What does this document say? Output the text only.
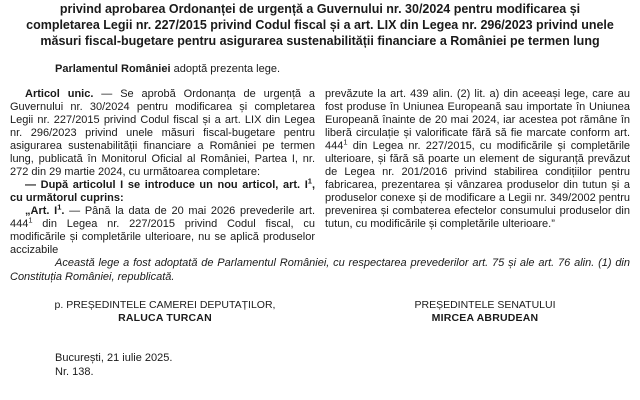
privind aprobarea Ordonanței de urgență a Guvernului nr. 30/2024 pentru modificarea și
completarea Legii nr. 227/2015 privind Codul fiscal și a art. LIX din Legea nr. 296/2023 privind unele
măsuri fiscal-bugetare pentru asigurarea sustenabilității financiare a României pe termen lung
Parlamentul României adoptă prezenta lege.

Articol unic. — Se aprobă Ordonanța de urgență a Guvernului nr. 30/2024 pentru modificarea și completarea Legii nr. 227/2015 privind Codul fiscal și a art. LIX din Legea nr. 296/2023 privind unele măsuri fiscal-bugetare pentru asigurarea sustenabilității financiare a României pe termen lung, publicată în Monitorul Oficial al României, Partea I, nr. 272 din 29 martie 2024, cu următoarea completare:

— După articolul I se introduce un nou articol, art. I$^1$, cu următorul cuprins:

„Art. I$^1$. — Până la data de 20 mai 2026 prevederile art. 444$^1$ din Legea nr. 227/2015 privind Codul fiscal, cu modificările și completările ulterioare, nu se aplică produselor accizabile

prevăzute la art. 439 alin. (2) lit. a) din aceeași lege, care au fost produse în Uniunea Europeană sau importate în Uniunea Europeană înainte de 20 mai 2024, iar acestea pot rămâne în liberă circulație și valorificate fără să fie marcate conform art. 444$^1$ din Legea nr. 227/2015, cu modificările și completările ulterioare, și fără să poarte un element de siguranță prevăzut de Legea nr. 201/2016 privind stabilirea condițiilor pentru fabricarea, prezentarea și vânzarea produselor din tutun și a produselor conexe și de modificare a Legii nr. 349/2002 pentru prevenirea și combaterea efectelor consumului produselor din tutun, cu modificările și completările ulterioare.”

Această lege a fost adoptată de Parlamentul României, cu respectarea prevederilor art. 75 și ale art. 76 alin. (1) din Constituția României, republicată.
p. PREȘEDINTELE CAMEREI DEPUTAȚILOR,
RALUCA TURCAN
PREȘEDINTELE SENATULUI
MIRCEA ABRUDEAN
București, 21 iulie 2025.
Nr. 138.
